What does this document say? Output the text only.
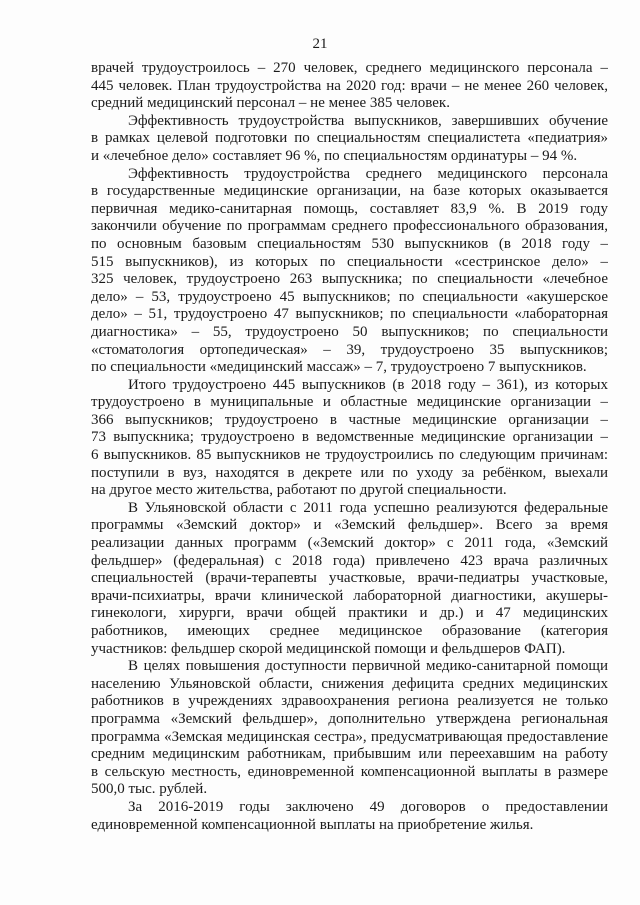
21

врачей трудоустроилось – 270 человек, среднего медицинского персонала –
445 человек. План трудоустройства на 2020 год: врачи – не менее 260 человек,
средний медицинский персонал – не менее 385 человек.

Эффективность трудоустройства выпускников, завершивших обучение
в рамках целевой подготовки по специальностям специалистета «педиатрия»
и «лечебное дело» составляет 96 %, по специальностям ординатуры – 94 %.

Эффективность трудоустройства среднего медицинского персонала
в государственные медицинские организации, на базе которых оказывается
первичная медико-санитарная помощь, составляет 83,9 %. В 2019 году
закончили обучение по программам среднего профессионального образования,
по основным базовым специальностям 530 выпускников (в 2018 году –
515 выпускников), из которых по специальности «сестринское дело» –
325 человек, трудоустроено 263 выпускника; по специальности «лечебное
дело» – 53, трудоустроено 45 выпускников; по специальности «акушерское
дело» – 51, трудоустроено 47 выпускников; по специальности «лабораторная
диагностика» – 55, трудоустроено 50 выпускников; по специальности
«стоматология ортопедическая» – 39, трудоустроено 35 выпускников;
по специальности «медицинский массаж» – 7, трудоустроено 7 выпускников.

Итого трудоустроено 445 выпускников (в 2018 году – 361), из которых
трудоустроено в муниципальные и областные медицинские организации –
366 выпускников; трудоустроено в частные медицинские организации –
73 выпускника; трудоустроено в ведомственные медицинские организации –
6 выпускников. 85 выпускников не трудоустроились по следующим причинам:
поступили в вуз, находятся в декрете или по уходу за ребёнком, выехали
на другое место жительства, работают по другой специальности.

В Ульяновской области с 2011 года успешно реализуются федеральные
программы «Земский доктор» и «Земский фельдшер». Всего за время
реализации данных программ («Земский доктор» с 2011 года, «Земский
фельдшер» (федеральная) с 2018 года) привлечено 423 врача различных
специальностей (врачи-терапевты участковые, врачи-педиатры участковые,
врачи-психиатры, врачи клинической лабораторной диагностики, акушеры-
гинекологи, хирурги, врачи общей практики и др.) и 47 медицинских
работников, имеющих среднее медицинское образование (категория
участников: фельдшер скорой медицинской помощи и фельдшеров ФАП).

В целях повышения доступности первичной медико-санитарной помощи
населению Ульяновской области, снижения дефицита средних медицинских
работников в учреждениях здравоохранения региона реализуется не только
программа «Земский фельдшер», дополнительно утверждена региональная
программа «Земская медицинская сестра», предусматривающая предоставление
средним медицинским работникам, прибывшим или переехавшим на работу
в сельскую местность, единовременной компенсационной выплаты в размере
500,0 тыс. рублей.

За 2016-2019 годы заключено 49 договоров о предоставлении
единовременной компенсационной выплаты на приобретение жилья.
